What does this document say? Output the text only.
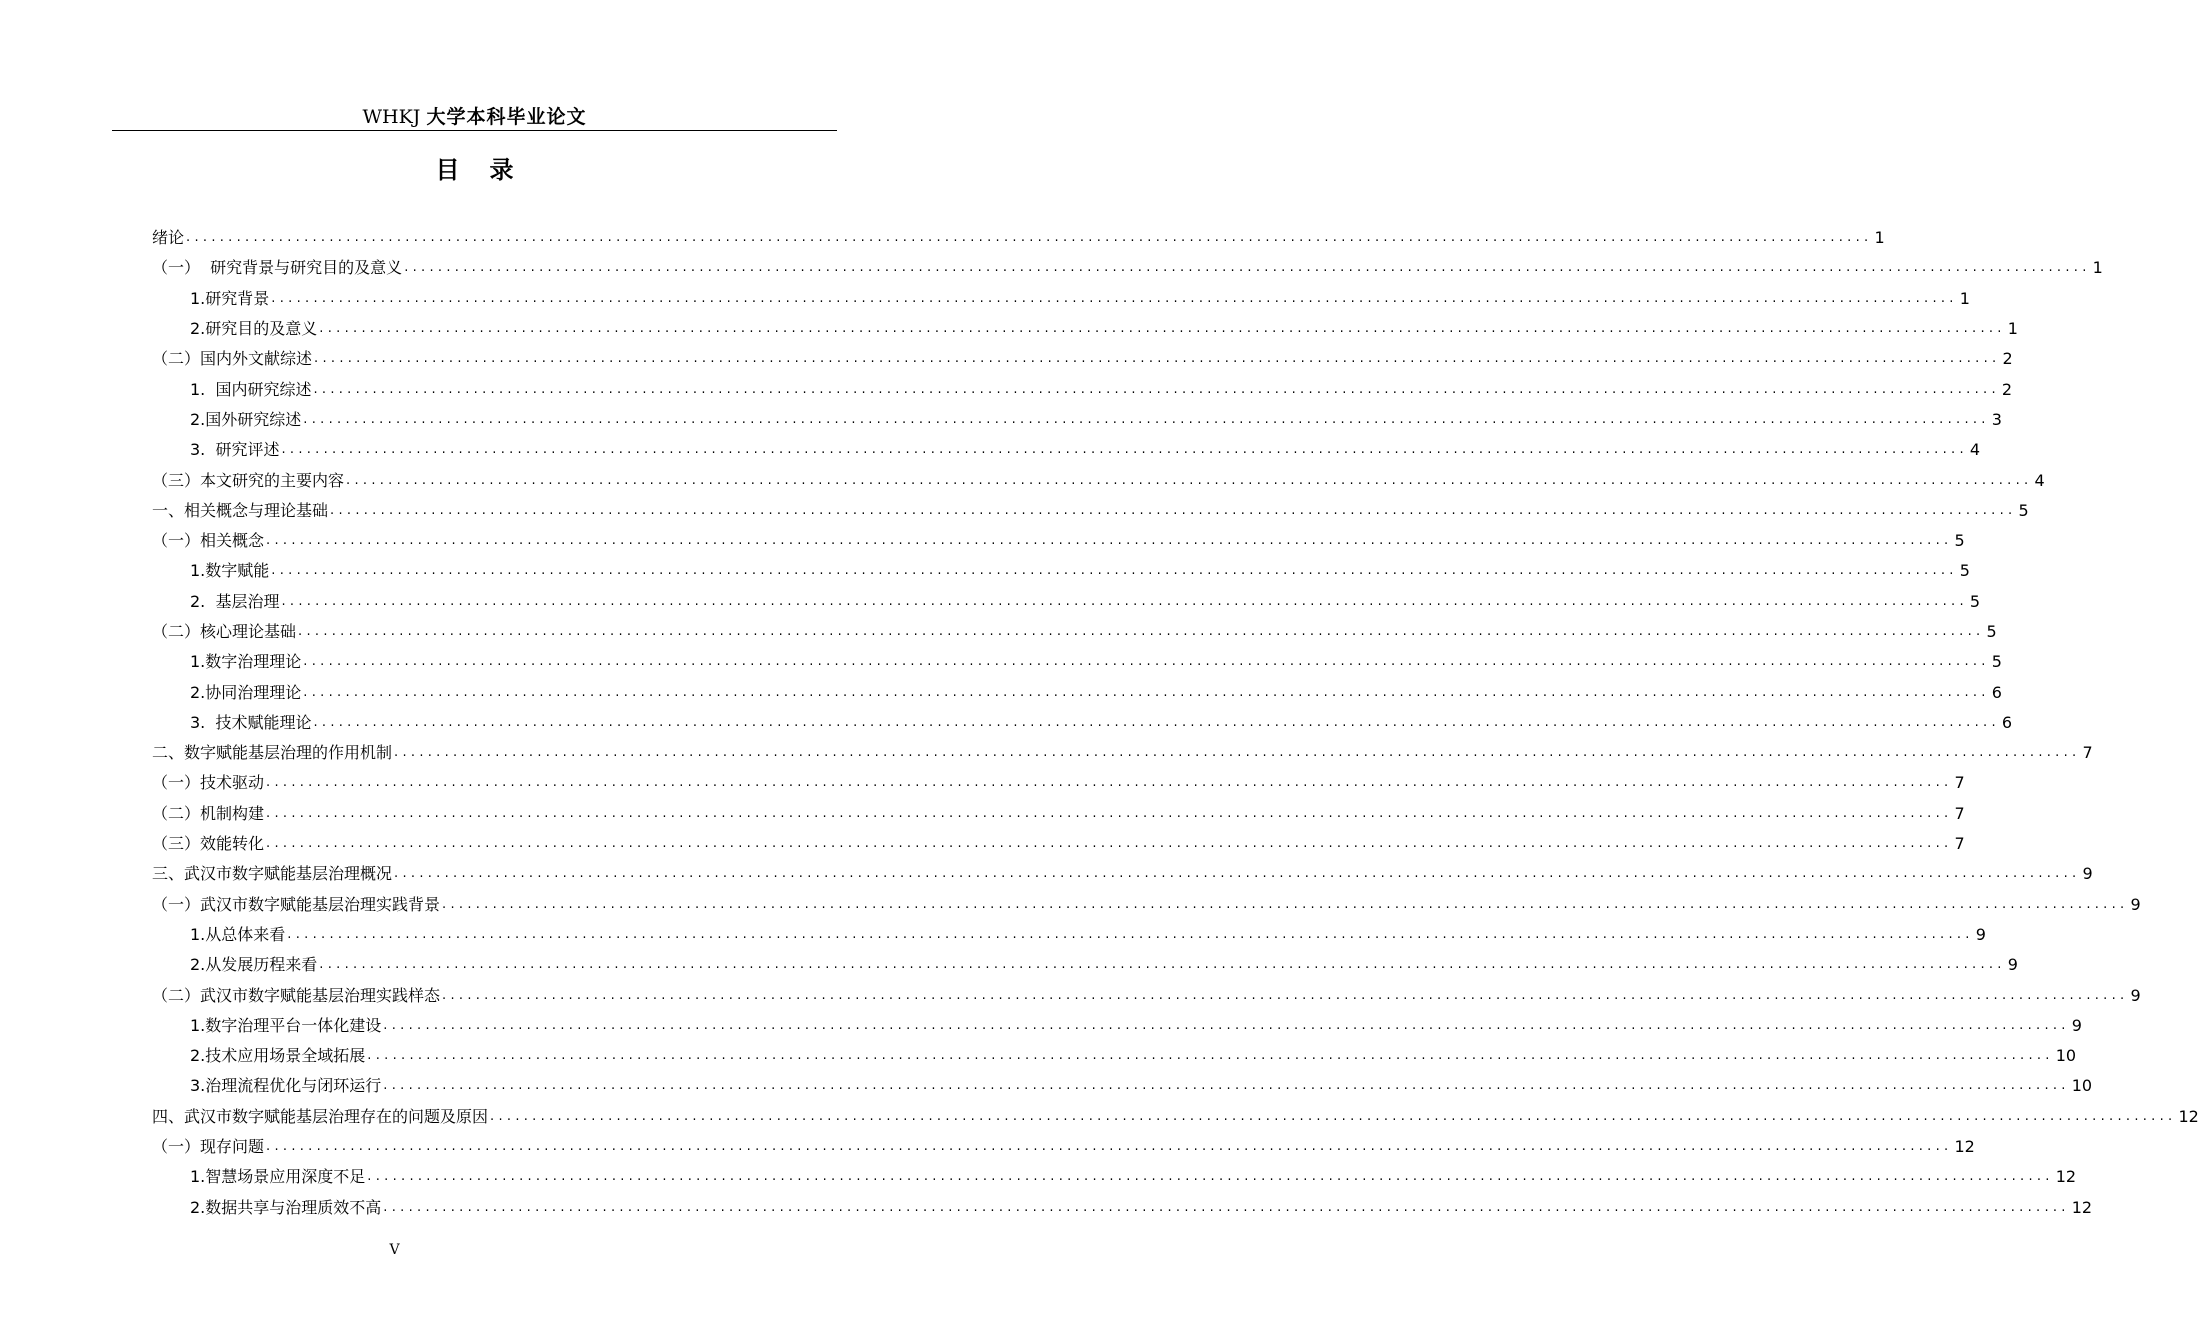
WHKJ 大学本科毕业论文
目录
绪论 ........................................................................................................................................................................................................ 1
（一）  研究背景与研究目的及意义 ........................................................................................................................................................................................................ 1
1.研究背景 ........................................................................................................................................................................................................ 1
2.研究目的及意义 ........................................................................................................................................................................................................ 1
（二）国内外文献综述 ........................................................................................................................................................................................................ 2
1.  国内研究综述 ........................................................................................................................................................................................................ 2
2.国外研究综述 ........................................................................................................................................................................................................ 3
3.  研究评述 ........................................................................................................................................................................................................ 4
（三）本文研究的主要内容 ........................................................................................................................................................................................................ 4
一、相关概念与理论基础 ........................................................................................................................................................................................................ 5
（一）相关概念 ........................................................................................................................................................................................................ 5
1.数字赋能 ........................................................................................................................................................................................................ 5
2.  基层治理 ........................................................................................................................................................................................................ 5
（二）核心理论基础 ........................................................................................................................................................................................................ 5
1.数字治理理论 ........................................................................................................................................................................................................ 5
2.协同治理理论 ........................................................................................................................................................................................................ 6
3.  技术赋能理论 ........................................................................................................................................................................................................ 6
二、数字赋能基层治理的作用机制 ........................................................................................................................................................................................................ 7
（一）技术驱动 ........................................................................................................................................................................................................ 7
（二）机制构建 ........................................................................................................................................................................................................ 7
（三）效能转化 ........................................................................................................................................................................................................ 7
三、武汉市数字赋能基层治理概况 ........................................................................................................................................................................................................ 9
（一）武汉市数字赋能基层治理实践背景 ........................................................................................................................................................................................................ 9
1.从总体来看 ........................................................................................................................................................................................................ 9
2.从发展历程来看 ........................................................................................................................................................................................................ 9
（二）武汉市数字赋能基层治理实践样态 ........................................................................................................................................................................................................ 9
1.数字治理平台一体化建设 ........................................................................................................................................................................................................ 9
2.技术应用场景全域拓展 ........................................................................................................................................................................................................ 10
3.治理流程优化与闭环运行 ........................................................................................................................................................................................................ 10
四、武汉市数字赋能基层治理存在的问题及原因 ........................................................................................................................................................................................................ 12
（一）现存问题 ........................................................................................................................................................................................................ 12
1.智慧场景应用深度不足 ........................................................................................................................................................................................................ 12
2.数据共享与治理质效不高 ........................................................................................................................................................................................................ 12
V
